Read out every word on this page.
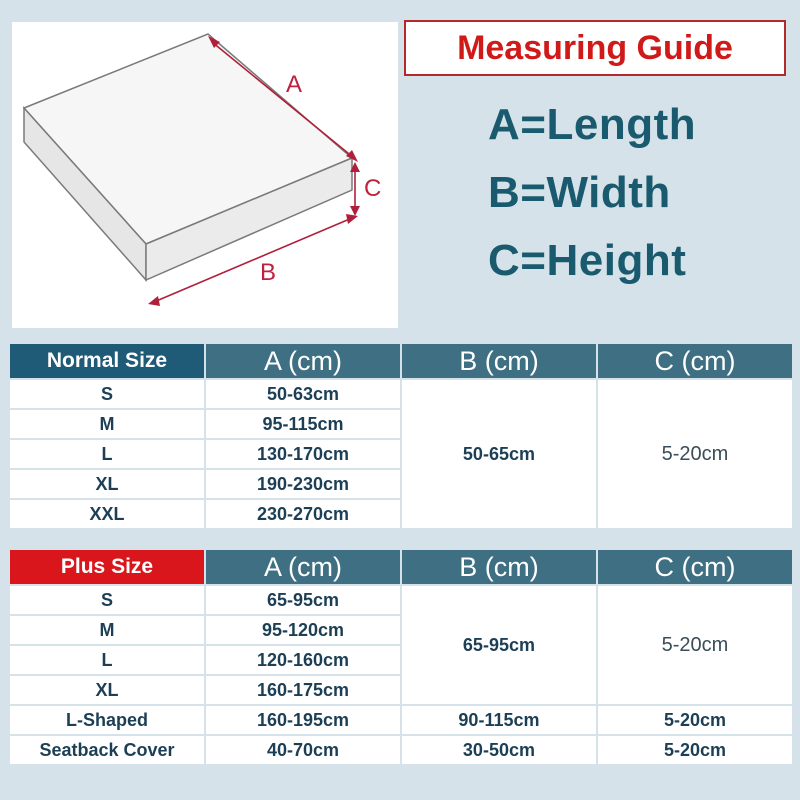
A
C
B
Measuring Guide
A=Length
B=Width
C=Height
Normal Size	A (cm)	B (cm)	C (cm)
S	50-63cm	50-65cm	5-20cm
M	95-115cm		
L	130-170cm		
XL	190-230cm		
XXL	230-270cm		
Plus Size	A (cm)	B (cm)	C (cm)
S	65-95cm	65-95cm	5-20cm
M	95-120cm		
L	120-160cm		
XL	160-175cm		
L-Shaped	160-195cm	90-115cm	5-20cm
Seatback Cover	40-70cm	30-50cm	5-20cm
